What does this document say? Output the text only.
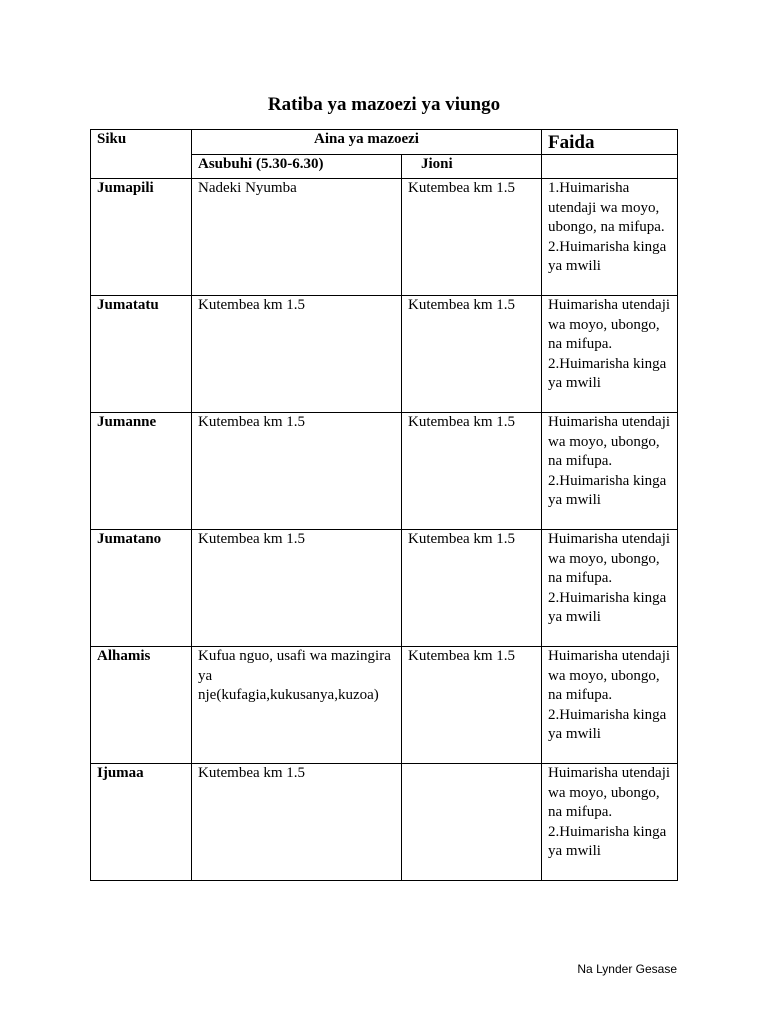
Ratiba ya mazoezi ya viungo
Siku	Aina ya mazoezi		Faida
	Asubuhi (5.30-6.30)	Jioni	
Jumapili	Nadeki Nyumba	Kutembea km 1.5	1.Huimarisha utendaji wa moyo, ubongo, na mifupa. 2.Huimarisha kinga ya mwili
Jumatatu	Kutembea km 1.5	Kutembea km 1.5	Huimarisha utendaji wa moyo, ubongo, na mifupa. 2.Huimarisha kinga ya mwili
Jumanne	Kutembea km 1.5	Kutembea km 1.5	Huimarisha utendaji wa moyo, ubongo, na mifupa. 2.Huimarisha kinga ya mwili
Jumatano	Kutembea km 1.5	Kutembea km 1.5	Huimarisha utendaji wa moyo, ubongo, na mifupa. 2.Huimarisha kinga ya mwili
Alhamis	Kufua nguo, usafi wa mazingira ya nje(kufagia,kukusanya,kuzoa)	Kutembea km 1.5	Huimarisha utendaji wa moyo, ubongo, na mifupa. 2.Huimarisha kinga ya mwili
Ijumaa	Kutembea km 1.5		Huimarisha utendaji wa moyo, ubongo, na mifupa. 2.Huimarisha kinga ya mwili
Na Lynder Gesase
